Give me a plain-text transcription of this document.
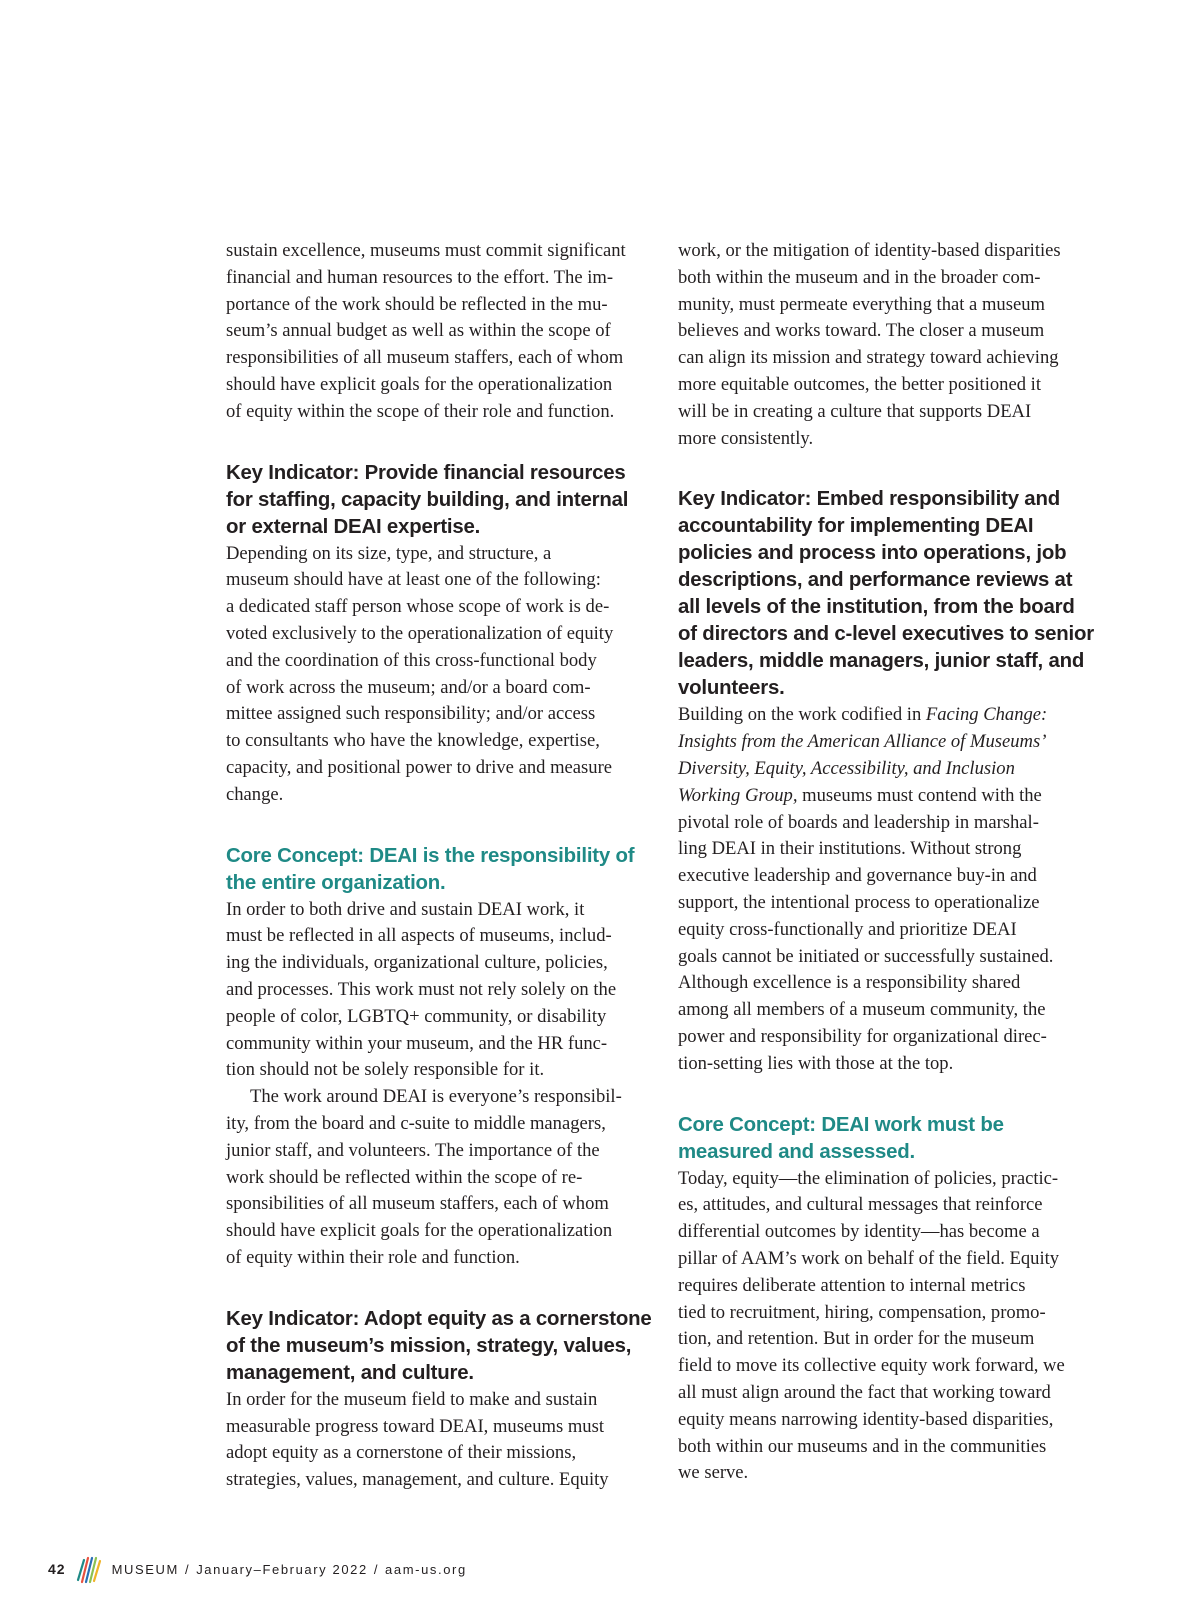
sustain excellence, museums must commit significant
financial and human resources to the effort. The im-
portance of the work should be reflected in the mu-
seum’s annual budget as well as within the scope of
responsibilities of all museum staffers, each of whom
should have explicit goals for the operationalization
of equity within the scope of their role and function.

Key Indicator: Provide financial resources
for staffing, capacity building, and internal
or external DEAI expertise.

Depending on its size, type, and structure, a
museum should have at least one of the following:
a dedicated staff person whose scope of work is de-
voted exclusively to the operationalization of equity
and the coordination of this cross-functional body
of work across the museum; and/or a board com-
mittee assigned such responsibility; and/or access
to consultants who have the knowledge, expertise,
capacity, and positional power to drive and measure
change.

Core Concept: DEAI is the responsibility of
the entire organization.

In order to both drive and sustain DEAI work, it
must be reflected in all aspects of museums, includ-
ing the individuals, organizational culture, policies,
and processes. This work must not rely solely on the
people of color, LGBTQ+ community, or disability
community within your museum, and the HR func-
tion should not be solely responsible for it.

The work around DEAI is everyone’s responsibil-
ity, from the board and c-suite to middle managers,
junior staff, and volunteers. The importance of the
work should be reflected within the scope of re-
sponsibilities of all museum staffers, each of whom
should have explicit goals for the operationalization
of equity within their role and function.

Key Indicator: Adopt equity as a cornerstone
of the museum’s mission, strategy, values,
management, and culture.

In order for the museum field to make and sustain
measurable progress toward DEAI, museums must
adopt equity as a cornerstone of their missions,
strategies, values, management, and culture. Equity

work, or the mitigation of identity-based disparities
both within the museum and in the broader com-
munity, must permeate everything that a museum
believes and works toward. The closer a museum
can align its mission and strategy toward achieving
more equitable outcomes, the better positioned it
will be in creating a culture that supports DEAI
more consistently.

Key Indicator: Embed responsibility and
accountability for implementing DEAI
policies and process into operations, job
descriptions, and performance reviews at
all levels of the institution, from the board
of directors and c-level executives to senior
leaders, middle managers, junior staff, and
volunteers.

Building on the work codified in Facing Change:
Insights from the American Alliance of Museums’
Diversity, Equity, Accessibility, and Inclusion
Working Group, museums must contend with the
pivotal role of boards and leadership in marshal-
ling DEAI in their institutions. Without strong
executive leadership and governance buy-in and
support, the intentional process to operationalize
equity cross-functionally and prioritize DEAI
goals cannot be initiated or successfully sustained.
Although excellence is a responsibility shared
among all members of a museum community, the
power and responsibility for organizational direc-
tion-setting lies with those at the top.

Core Concept: DEAI work must be
measured and assessed.

Today, equity—the elimination of policies, practic-
es, attitudes, and cultural messages that reinforce
differential outcomes by identity—has become a
pillar of AAM’s work on behalf of the field. Equity
requires deliberate attention to internal metrics
tied to recruitment, hiring, compensation, promo-
tion, and retention. But in order for the museum
field to move its collective equity work forward, we
all must align around the fact that working toward
equity means narrowing identity-based disparities,
both within our museums and in the communities
we serve.

42	MUSEUM / January–February 2022 / aam-us.org
